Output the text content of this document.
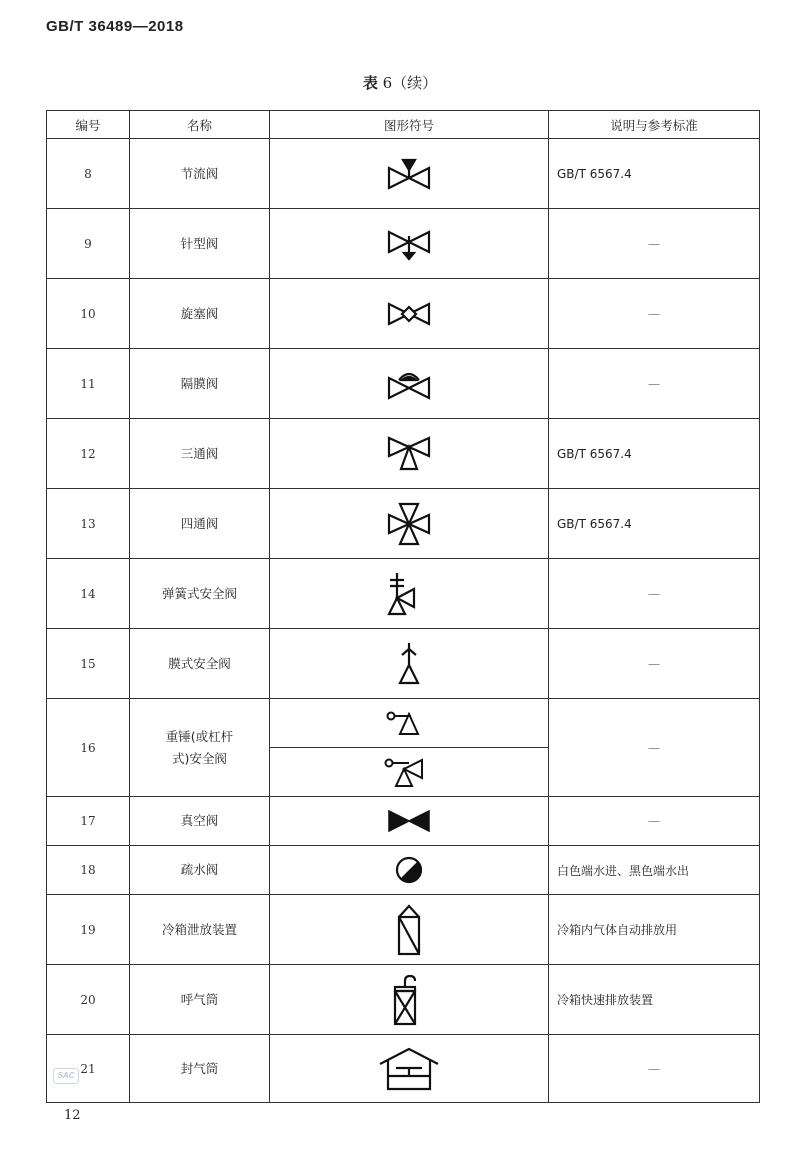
GB/T 36489—2018
表 6（续）
编号	名称	图形符号	说明与参考标准
8	节流阀		GB/T 6567.4
9	针型阀		—
10	旋塞阀		—
11	隔膜阀		—
12	三通阀		GB/T 6567.4
13	四通阀		GB/T 6567.4
14	弹簧式安全阀		—
15	膜式安全阀		—
16	重锤(或杠杆
式)安全阀		—

17	真空阀		—
18	疏水阀		白色端水进、黑色端水出
19	冷箱泄放装置		冷箱内气体自动排放用
20	呼气筒		冷箱快速排放装置
21	封气筒		—
SAC
12
